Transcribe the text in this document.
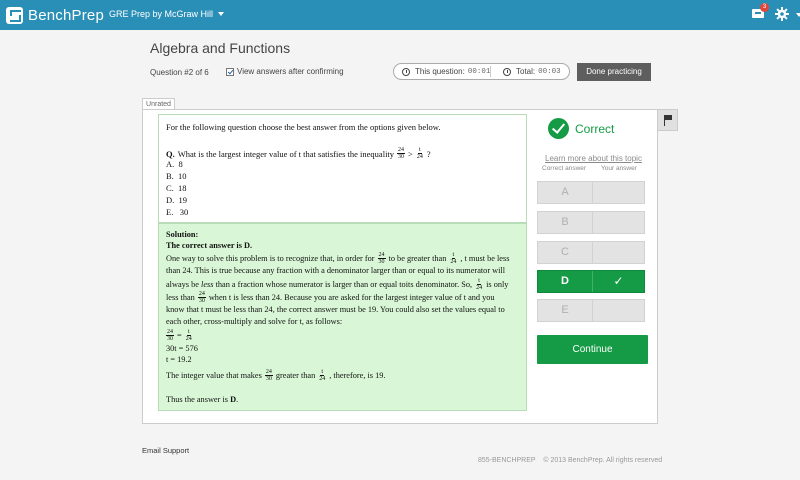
BenchPrep GRE Prep by McGraw Hill
3
Algebra and Functions
Question #2 of 6	View answers after confirming	This question: 00:01	Total: 00:03	Done practicing
Unrated
For the following question choose the best answer from the options given below.
Q. What is the largest integer value of t that satisfies the inequality $\frac{24}{30} > \frac{t}{24}$ ?
A. 8
B. 10
C. 18
D. 19
E. 30
Solution:
The correct answer is D.
One way to solve this problem is to recognize that, in order for $\frac{24}{30}$ to be greater than $\frac{t}{24}$ , t must be less
than 24. This is true because any fraction with a denominator larger than or equal to its numerator will
always be
less
than a fraction whose numerator is larger than or equal toits denominator. So, $\frac{t}{24}$ is only
less than $\frac{24}{30}$ when t is less than 24. Because you are asked for the largest integer value of t and you
know that t must be less than 24, the correct answer must be 19. You could also set the values equal to
each other, cross-multiply and solve for t, as follows:
$\frac{24}{30} = \frac{t}{24}$
30t = 576
t = 19.2
The integer value that makes $\frac{24}{30}$ greater than $\frac{t}{24}$ , therefore, is 19.
Thus the answer is
D .
Correct
Learn more about this topic
Correct answer Your answer
A
B
C
D	✓
E
Continue
Email Support
855-BENCHPREP © 2013 BenchPrep. All rights reserved
